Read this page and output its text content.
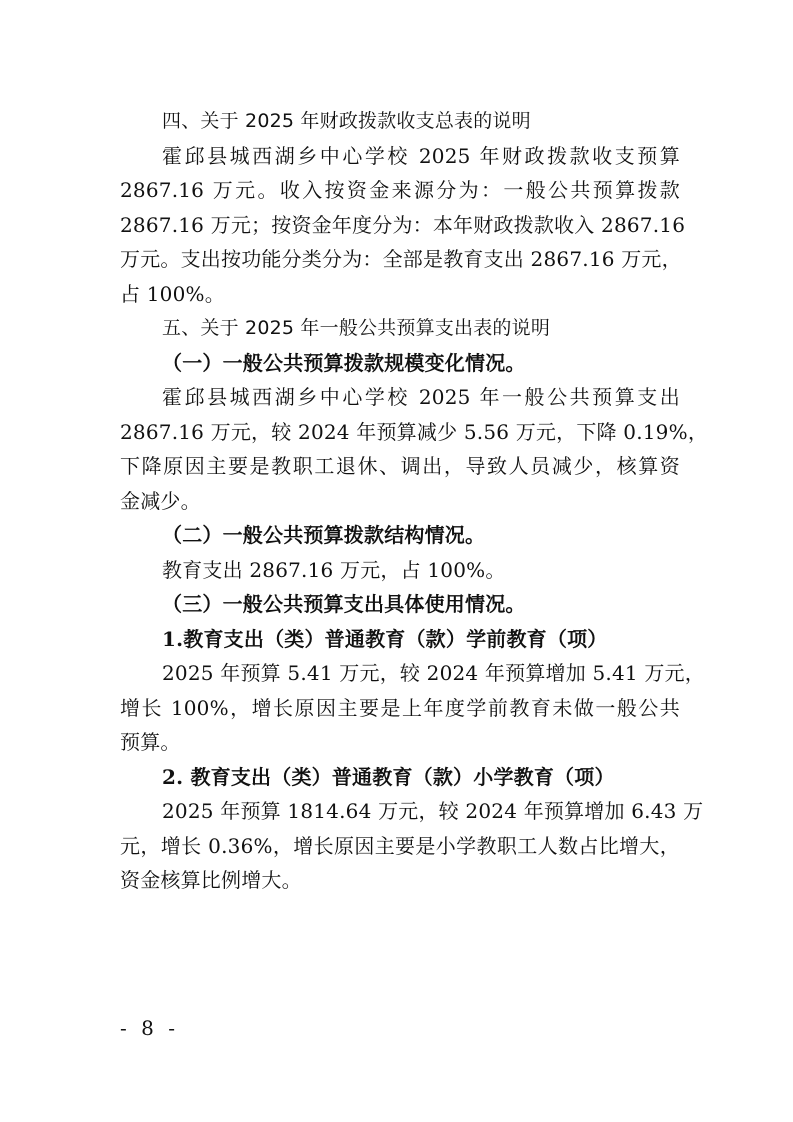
四、关于 2025 年财政拨款收支总表的说明
霍邱县城西湖乡中心学校 2025 年财政拨款收支预算
2867.16 万元。收入按资金来源分为：一般公共预算拨款
2867.16 万元；按资金年度分为：本年财政拨款收入 2867.16
万元。支出按功能分类分为：全部是教育支出 2867.16 万元，
占 100%。
五、关于 2025 年一般公共预算支出表的说明
（一）一般公共预算拨款规模变化情况。
霍邱县城西湖乡中心学校 2025 年一般公共预算支出
2867.16 万元，较 2024 年预算减少 5.56 万元，下降 0.19%，
下降原因主要是教职工退休、调出，导致人员减少，核算资
金减少。
（二）一般公共预算拨款结构情况。
教育支出 2867.16 万元，占 100%。
（三）一般公共预算支出具体使用情况。
1.教育支出（类）普通教育（款）学前教育（项）
2025 年预算 5.41 万元，较 2024 年预算增加 5.41 万元，
增长 100%，增长原因主要是上年度学前教育未做一般公共
预算。
2. 教育支出（类）普通教育（款）小学教育（项）
2025 年预算 1814.64 万元，较 2024 年预算增加 6.43 万
元，增长 0.36%，增长原因主要是小学教职工人数占比增大，
资金核算比例增大。
- 8 -
